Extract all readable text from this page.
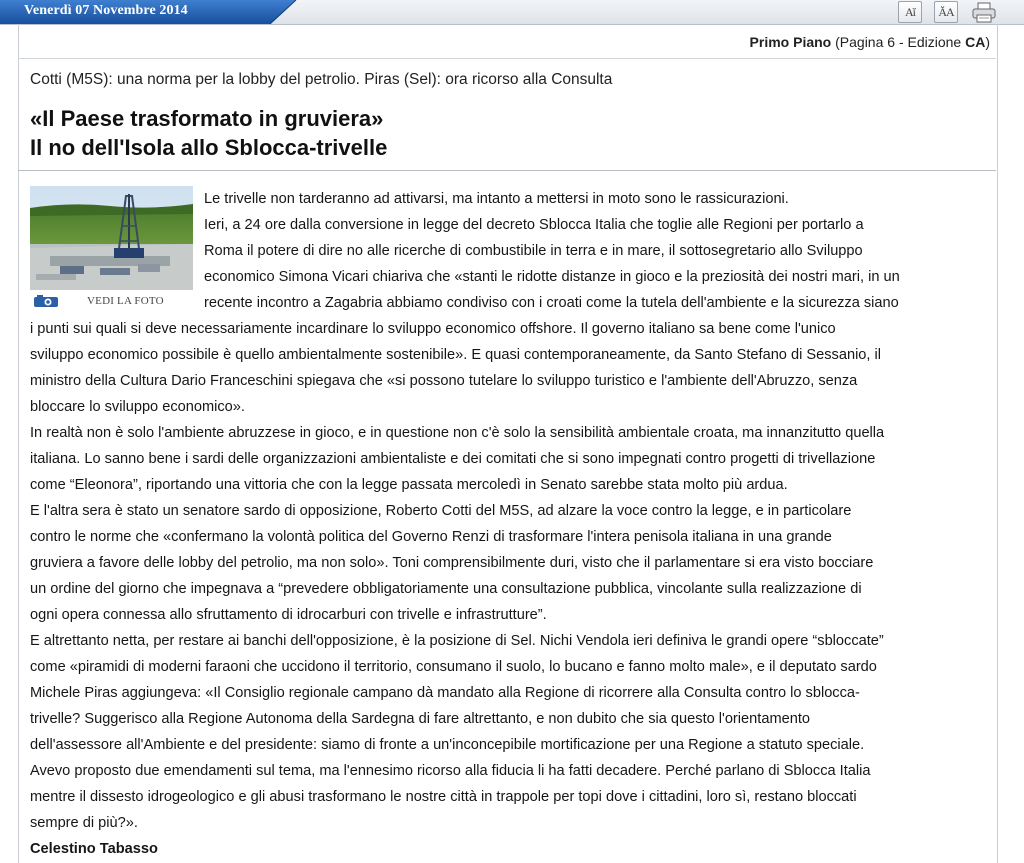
Venerdì 07 Novembre 2014	Aĭ	ĂA
Primo Piano (Pagina 6 - Edizione CA)
Cotti (M5S): una norma per la lobby del petrolio. Piras (Sel): ora ricorso alla Consulta
«Il Paese trasformato in gruviera»
Il no dell'Isola allo Sblocca-trivelle
VEDI LA FOTO
Le trivelle non tarderanno ad attivarsi, ma intanto a mettersi in moto sono le rassicurazioni.
Ieri, a 24 ore dalla conversione in legge del decreto Sblocca Italia che toglie alle Regioni per portarlo a
Roma il potere di dire no alle ricerche di combustibile in terra e in mare, il sottosegretario allo Sviluppo
economico Simona Vicari chiariva che «stanti le ridotte distanze in gioco e la preziosità dei nostri mari, in un
recente incontro a Zagabria abbiamo condiviso con i croati come la tutela dell'ambiente e la sicurezza siano
i punti sui quali si deve necessariamente incardinare lo sviluppo economico offshore. Il governo italiano sa bene come l'unico
sviluppo economico possibile è quello ambientalmente sostenibile». E quasi contemporaneamente, da Santo Stefano di Sessanio, il
ministro della Cultura Dario Franceschini spiegava che «si possono tutelare lo sviluppo turistico e l'ambiente dell'Abruzzo, senza
bloccare lo sviluppo economico».
In realtà non è solo l'ambiente abruzzese in gioco, e in questione non c'è solo la sensibilità ambientale croata, ma innanzitutto quella
italiana. Lo sanno bene i sardi delle organizzazioni ambientaliste e dei comitati che si sono impegnati contro progetti di trivellazione
come “Eleonora”, riportando una vittoria che con la legge passata mercoledì in Senato sarebbe stata molto più ardua.
E l'altra sera è stato un senatore sardo di opposizione, Roberto Cotti del M5S, ad alzare la voce contro la legge, e in particolare
contro le norme che «confermano la volontà politica del Governo Renzi di trasformare l'intera penisola italiana in una grande
gruviera a favore delle lobby del petrolio, ma non solo». Toni comprensibilmente duri, visto che il parlamentare si era visto bocciare
un ordine del giorno che impegnava a “prevedere obbligatoriamente una consultazione pubblica, vincolante sulla realizzazione di
ogni opera connessa allo sfruttamento di idrocarburi con trivelle e infrastrutture”.
E altrettanto netta, per restare ai banchi dell'opposizione, è la posizione di Sel. Nichi Vendola ieri definiva le grandi opere “sbloccate”
come «piramidi di moderni faraoni che uccidono il territorio, consumano il suolo, lo bucano e fanno molto male», e il deputato sardo
Michele Piras aggiungeva: «Il Consiglio regionale campano dà mandato alla Regione di ricorrere alla Consulta contro lo sblocca-
trivelle? Suggerisco alla Regione Autonoma della Sardegna di fare altrettanto, e non dubito che sia questo l'orientamento
dell'assessore all'Ambiente e del presidente: siamo di fronte a un'inconcepibile mortificazione per una Regione a statuto speciale.
Avevo proposto due emendamenti sul tema, ma l'ennesimo ricorso alla fiducia li ha fatti decadere. Perché parlano di Sblocca Italia
mentre il dissesto idrogeologico e gli abusi trasformano le nostre città in trappole per topi dove i cittadini, loro sì, restano bloccati
sempre di più?».
Celestino Tabasso
